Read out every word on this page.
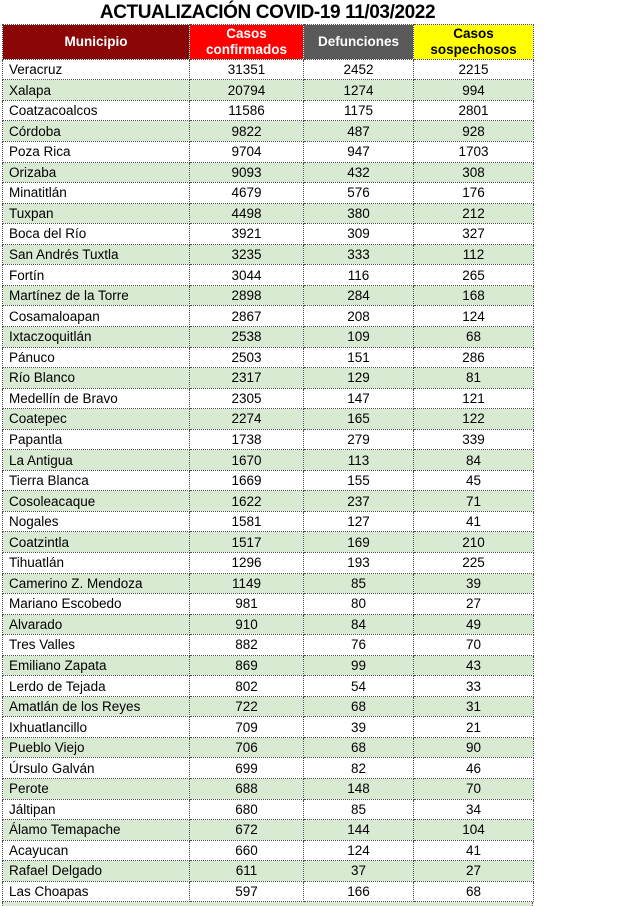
ACTUALIZACIÓN COVID-19 11/03/2022
Municipio	Casos confirmados	Defunciones	Casos sospechosos
Veracruz	31351	2452	2215
Xalapa	20794	1274	994
Coatzacoalcos	11586	1175	2801
Córdoba	9822	487	928
Poza Rica	9704	947	1703
Orizaba	9093	432	308
Minatitlán	4679	576	176
Tuxpan	4498	380	212
Boca del Río	3921	309	327
San Andrés Tuxtla	3235	333	112
Fortín	3044	116	265
Martínez de la Torre	2898	284	168
Cosamaloapan	2867	208	124
Ixtaczoquitlán	2538	109	68
Pánuco	2503	151	286
Río Blanco	2317	129	81
Medellín de Bravo	2305	147	121
Coatepec	2274	165	122
Papantla	1738	279	339
La Antigua	1670	113	84
Tierra Blanca	1669	155	45
Cosoleacaque	1622	237	71
Nogales	1581	127	41
Coatzintla	1517	169	210
Tihuatlán	1296	193	225
Camerino Z. Mendoza	1149	85	39
Mariano Escobedo	981	80	27
Alvarado	910	84	49
Tres Valles	882	76	70
Emiliano Zapata	869	99	43
Lerdo de Tejada	802	54	33
Amatlán de los Reyes	722	68	31
Ixhuatlancillo	709	39	21
Pueblo Viejo	706	68	90
Úrsulo Galván	699	82	46
Perote	688	148	70
Jáltipan	680	85	34
Álamo Temapache	672	144	104
Acayucan	660	124	41
Rafael Delgado	611	37	27
Las Choapas	597	166	68
